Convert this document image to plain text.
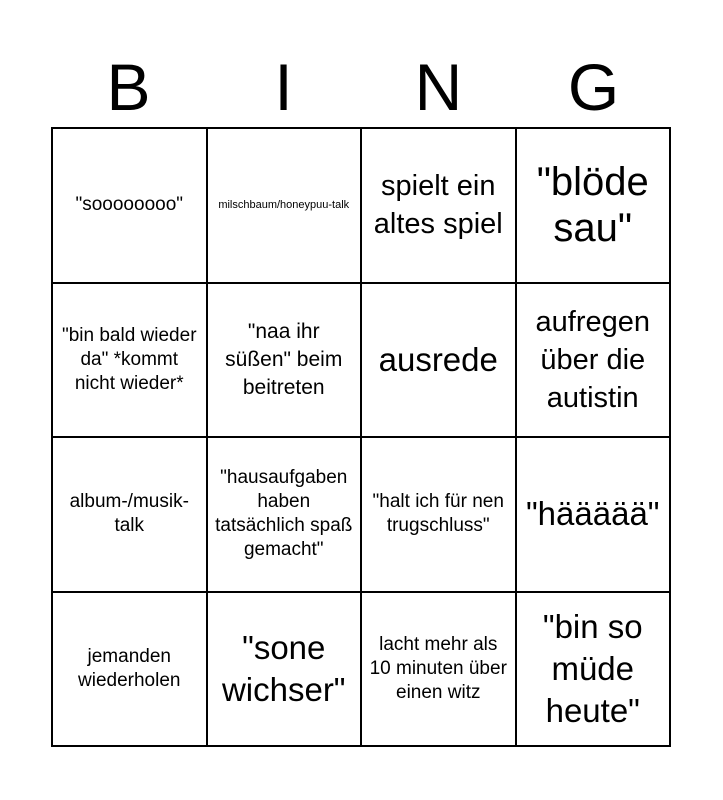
B	I	N	G
"soooooooo"	milschbaum/honeypuu-talk
spielt ein altes spiel
"blöde sau"
"bin bald wieder da" *kommt nicht wieder*
"naa ihr süßen" beim beitreten
ausrede
aufregen über die autistin
album-/musik-talk
"hausaufgaben haben tatsächlich spaß gemacht"
"halt ich für nen trugschluss"	"häääää"
jemanden wiederholen
"sone wichser"
lacht mehr als 10 minuten über einen witz
"bin so müde heute"
